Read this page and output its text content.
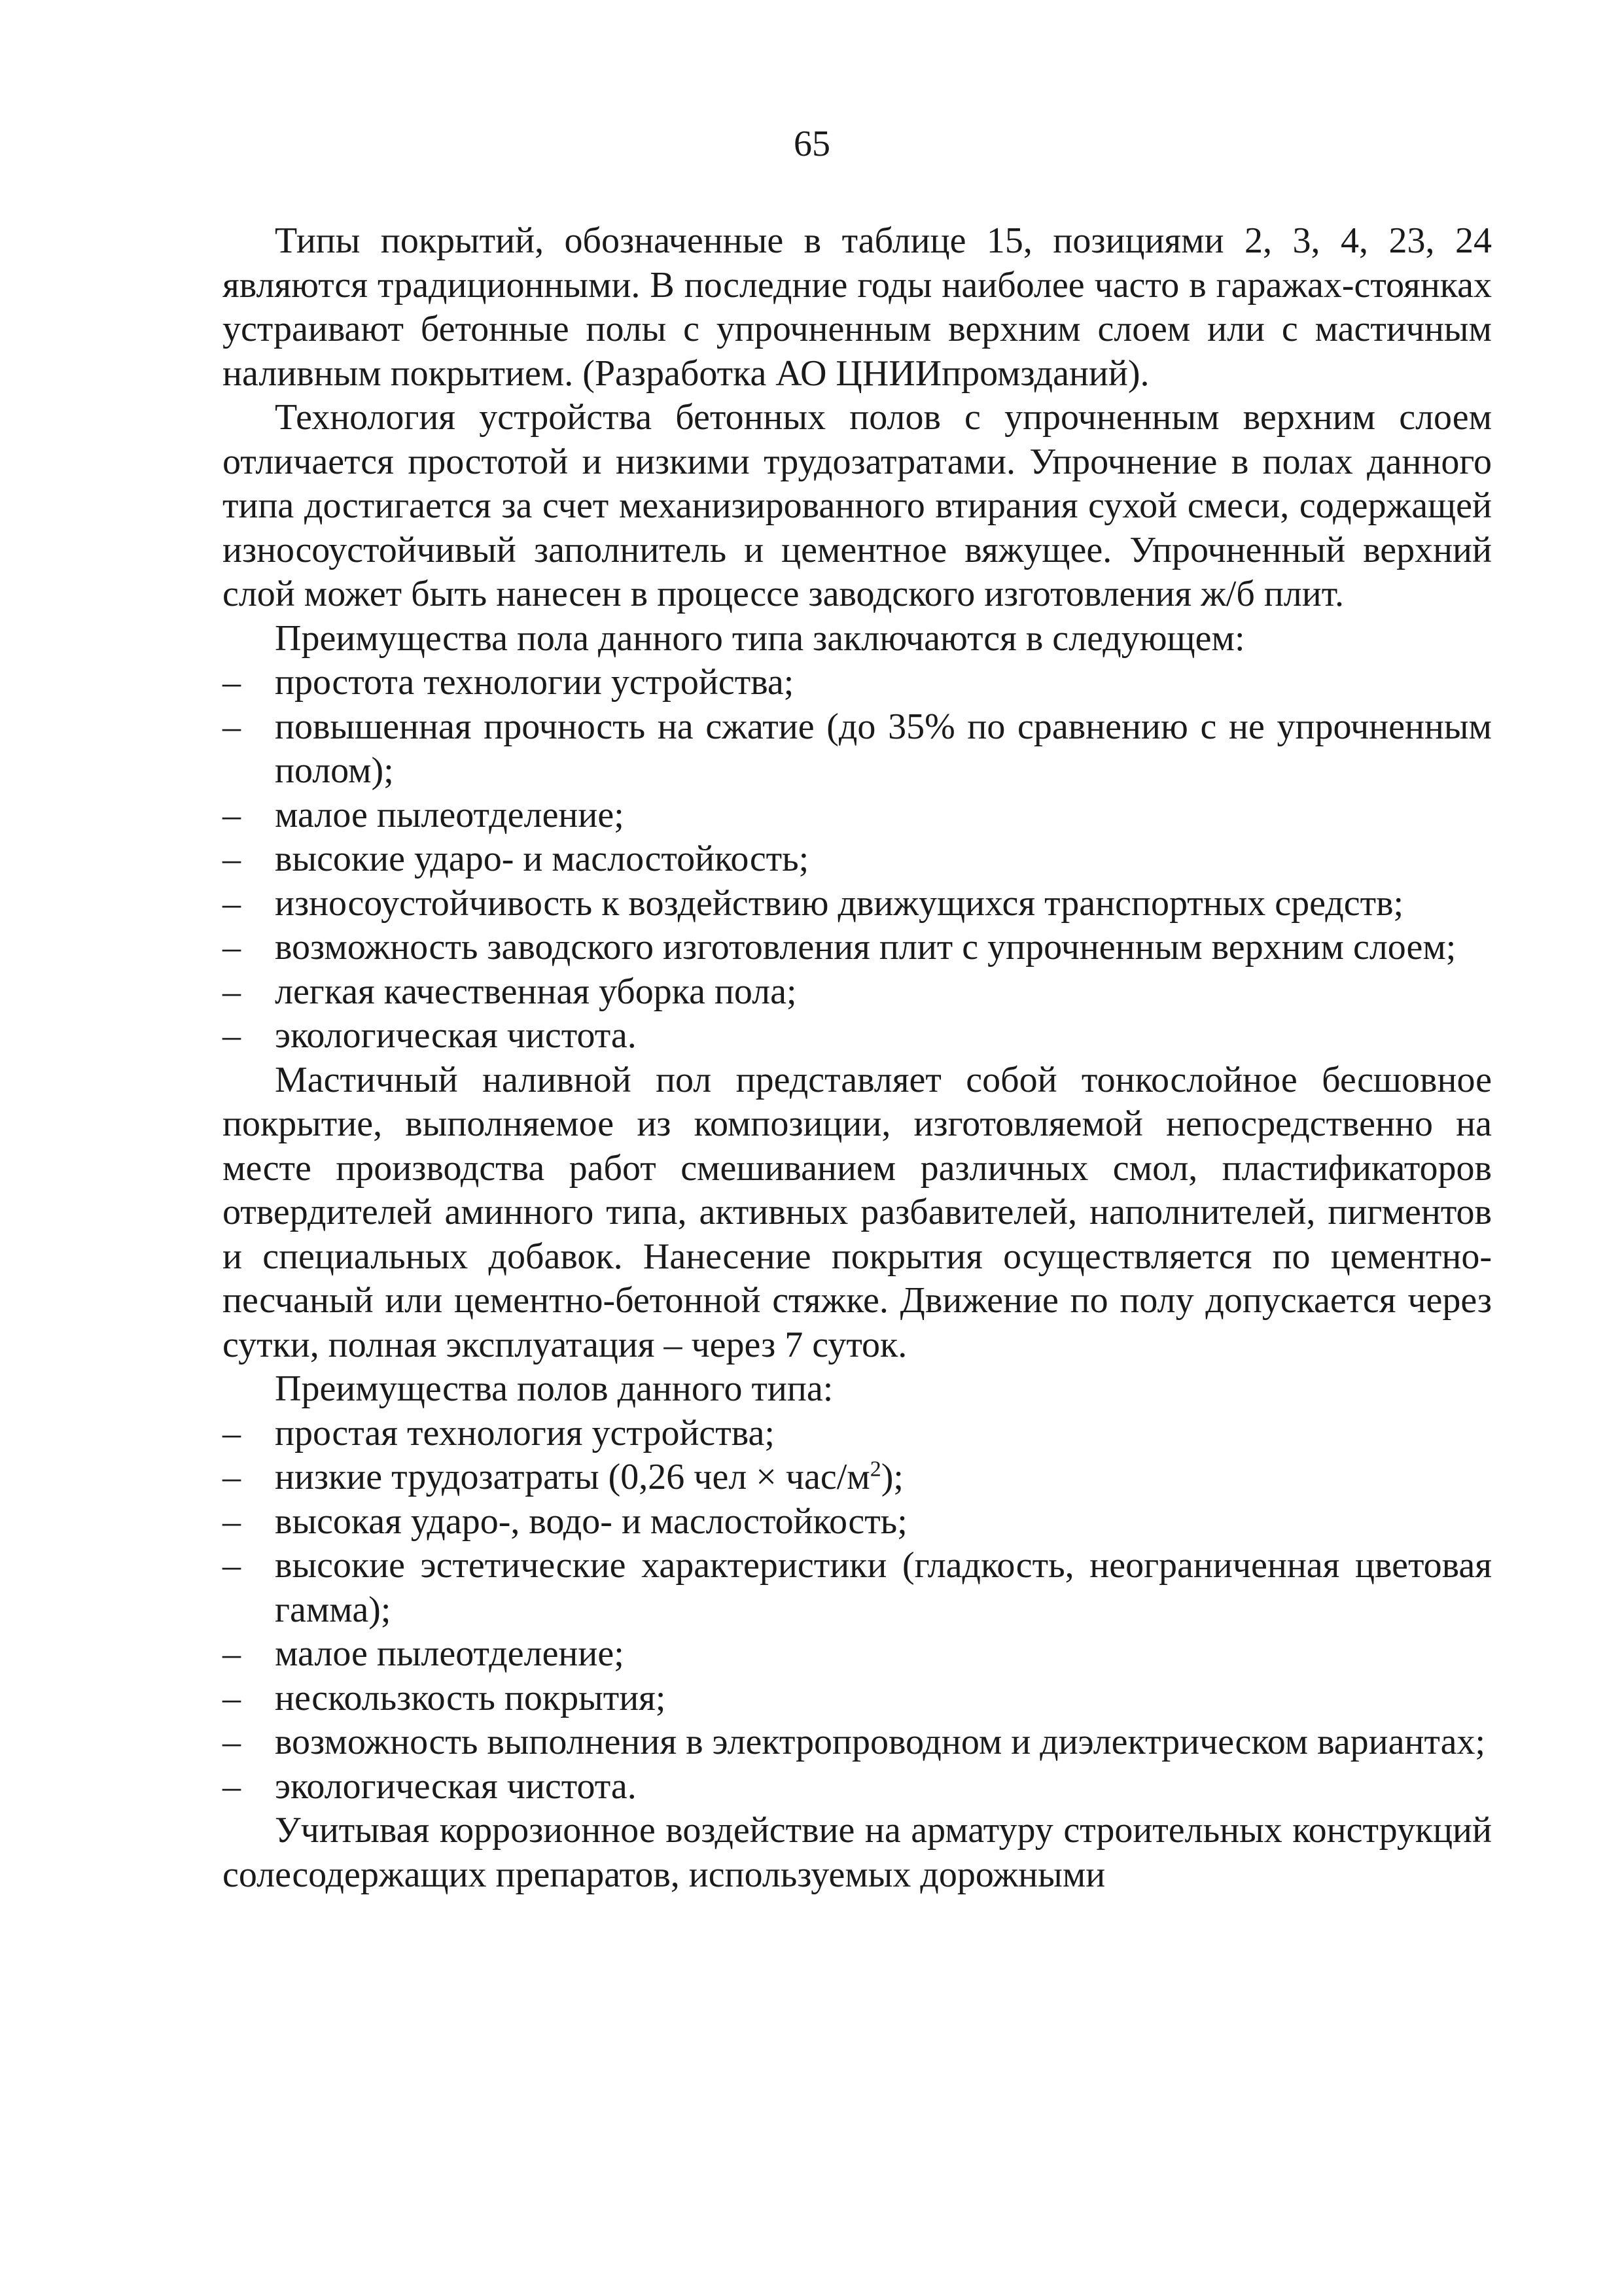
65

Типы покрытий, обозначенные в таблице 15, позициями 2, 3, 4, 23, 24 являются традиционными. В последние годы наиболее часто в гаражах-стоянках устраивают бетонные полы с упрочненным верхним слоем или с мастичным наливным покрытием. (Разработка АО ЦНИИпромзданий).

Технология устройства бетонных полов с упрочненным верхним слоем отличается простотой и низкими трудозатратами. Упрочнение в полах данного типа достигается за счет механизированного втирания сухой смеси, содержащей износоустойчивый заполнитель и цементное вяжущее. Упрочненный верхний слой может быть нанесен в процессе заводского изготовления ж/б плит.

Преимущества пола данного типа заключаются в следующем:

– простота технологии устройства;
– повышенная прочность на сжатие (до 35% по сравнению с не упрочненным полом);
– малое пылеотделение;
– высокие ударо- и маслостойкость;
– износоустойчивость к воздействию движущихся транспортных средств;
– возможность заводского изготовления плит с упрочненным верхним слоем;
– легкая качественная уборка пола;
– экологическая чистота.

Мастичный наливной пол представляет собой тонкослойное бесшовное покрытие, выполняемое из композиции, изготовляемой непосредственно на месте производства работ смешиванием различных смол, пластификаторов отвердителей аминного типа, активных разбавителей, наполнителей, пигментов и специальных добавок. Нанесение покрытия осуществляется по цементно-песчаный или цементно-бетонной стяжке. Движение по полу допускается через сутки, полная эксплуатация – через 7 суток.

Преимущества полов данного типа:

– простая технология устройства;
– низкие трудозатраты (0,26 чел × час/$м^2$);
– высокая ударо-, водо- и маслостойкость;
– высокие эстетические характеристики (гладкость, неограниченная цветовая гамма);
– малое пылеотделение;
– нескользкость покрытия;
– возможность выполнения в электропроводном и диэлектрическом вариантах;
– экологическая чистота.

Учитывая коррозионное воздействие на арматуру строительных конструкций солесодержащих препаратов, используемых дорожными
